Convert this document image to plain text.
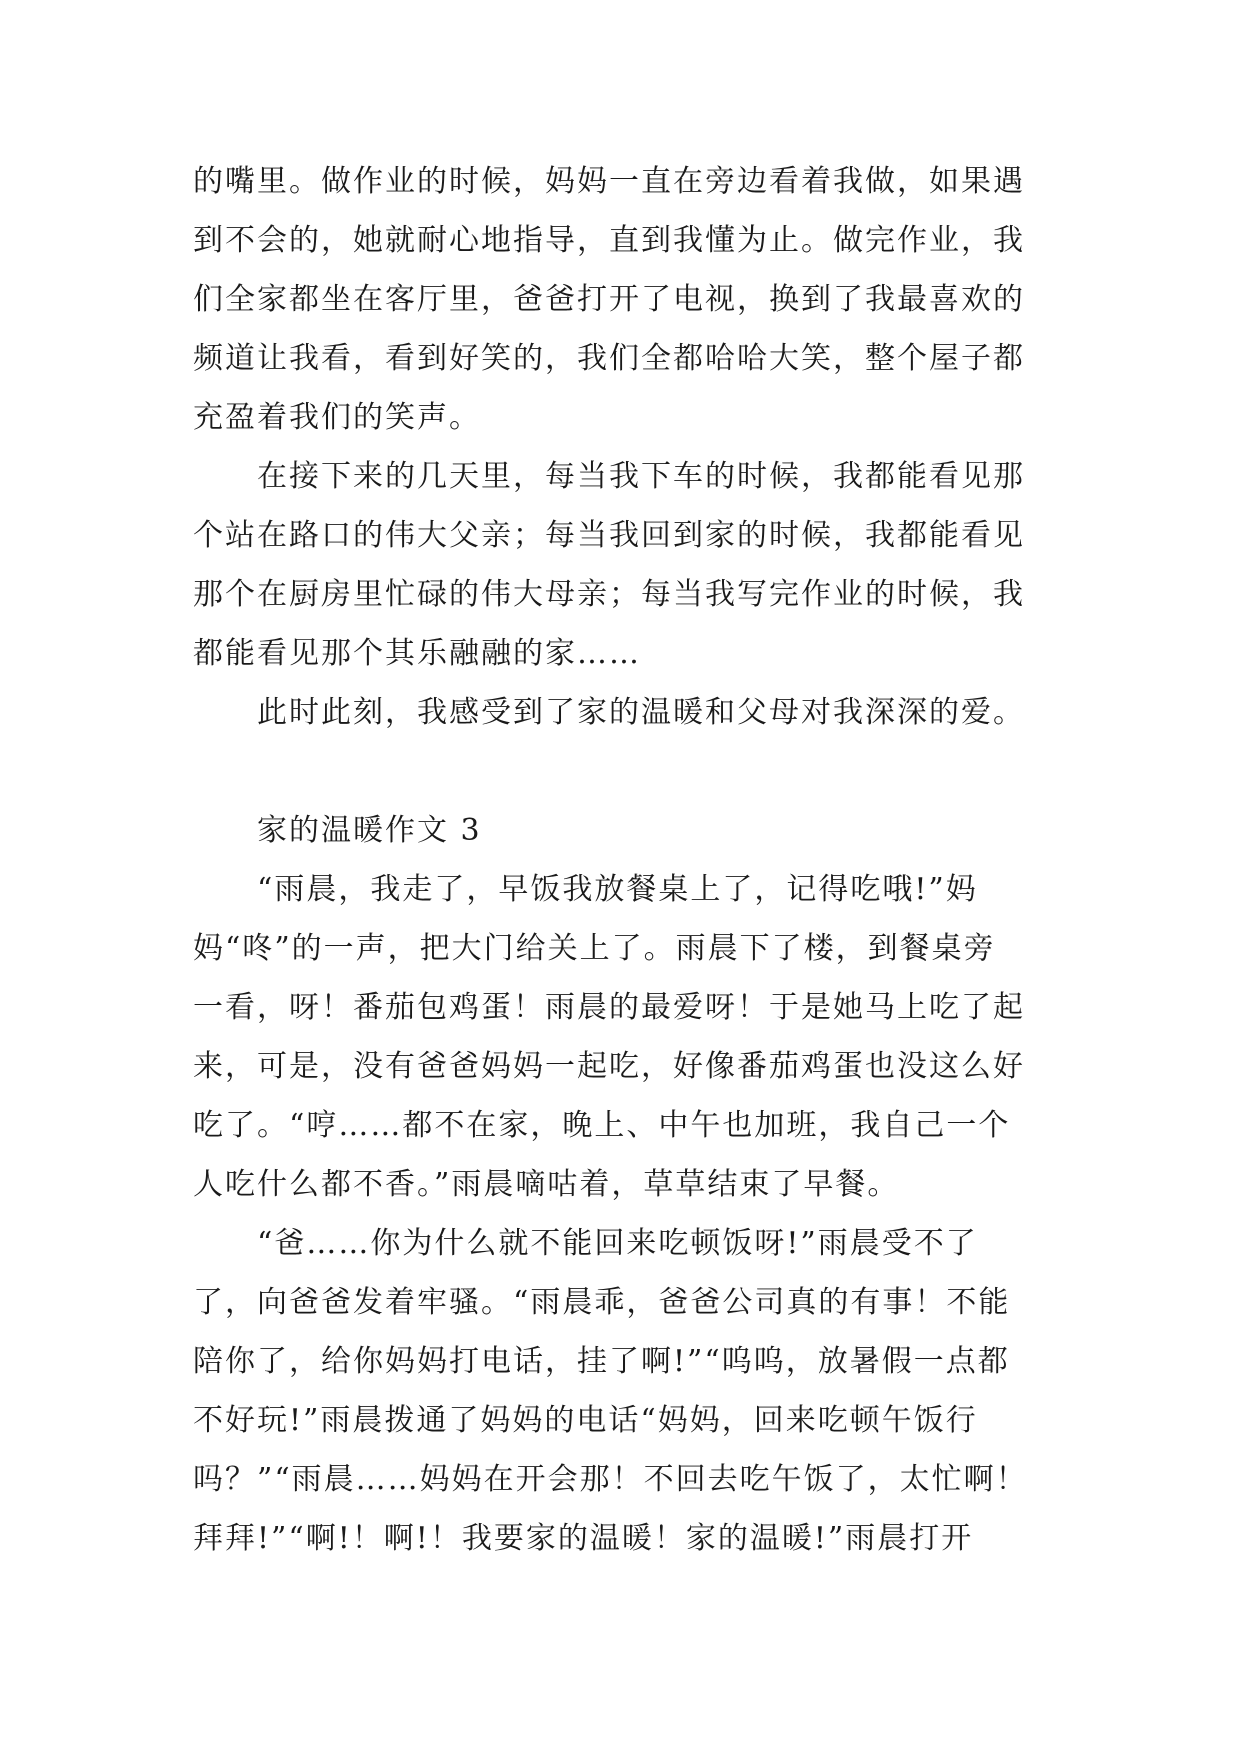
的嘴里。做作业的时候，妈妈一直在旁边看着我做，如果遇
到不会的，她就耐心地指导，直到我懂为止。做完作业，我
们全家都坐在客厅里，爸爸打开了电视，换到了我最喜欢的
频道让我看，看到好笑的，我们全都哈哈大笑，整个屋子都
充盈着我们的笑声。
在接下来的几天里，每当我下车的时候，我都能看见那
个站在路口的伟大父亲；每当我回到家的时候，我都能看见
那个在厨房里忙碌的伟大母亲；每当我写完作业的时候，我
都能看见那个其乐融融的家……
此时此刻，我感受到了家的温暖和父母对我深深的爱。
家的温暖作文 3
“雨晨，我走了，早饭我放餐桌上了，记得吃哦!”妈
妈“咚”的一声，把大门给关上了。雨晨下了楼，到餐桌旁
一看，呀！番茄包鸡蛋！雨晨的最爱呀！于是她马上吃了起
来，可是，没有爸爸妈妈一起吃，好像番茄鸡蛋也没这么好
吃了。“哼……都不在家，晚上、中午也加班，我自己一个
人吃什么都不香。”雨晨嘀咕着，草草结束了早餐。
“爸……你为什么就不能回来吃顿饭呀!”雨晨受不了
了，向爸爸发着牢骚。“雨晨乖，爸爸公司真的有事！不能
陪你了，给你妈妈打电话，挂了啊!”“呜呜，放暑假一点都
不好玩!”雨晨拨通了妈妈的电话“妈妈，回来吃顿午饭行
吗？”“雨晨……妈妈在开会那！不回去吃午饭了，太忙啊！
拜拜!”“啊!！啊!！我要家的温暖！家的温暖!”雨晨打开
